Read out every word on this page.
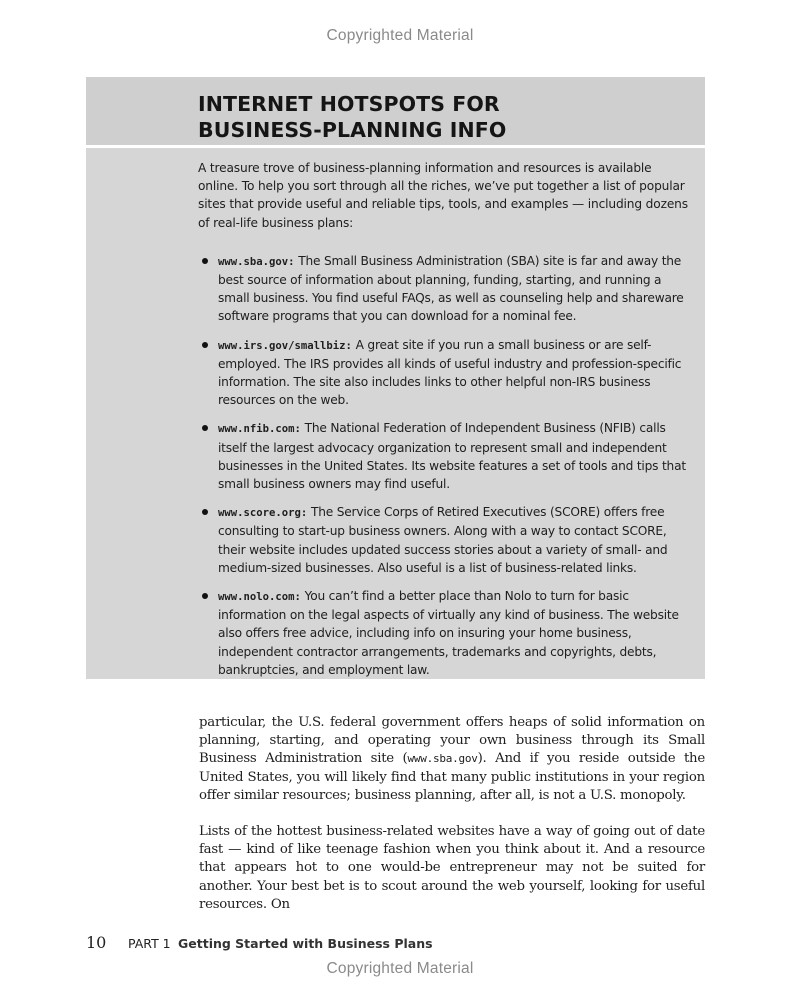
Copyrighted Material
INTERNET HOTSPOTS FOR
BUSINESS-PLANNING INFO

A treasure trove of business-planning information and resources is available online. To help you sort through all the riches, we’ve put together a list of popular sites that provide useful and reliable tips, tools, and examples — including dozens of real-life business plans:

www.sba.gov: The Small Business Administration (SBA) site is far and away the best source of information about planning, funding, starting, and running a small business. You find useful FAQs, as well as counseling help and shareware software programs that you can download for a nominal fee.
www.irs.gov/smallbiz: A great site if you run a small business or are self-employed. The IRS provides all kinds of useful industry and profession-specific information. The site also includes links to other helpful non-IRS business resources on the web.
www.nfib.com: The National Federation of Independent Business (NFIB) calls itself the largest advocacy organization to represent small and independent businesses in the United States. Its website features a set of tools and tips that small business owners may find useful.
www.score.org: The Service Corps of Retired Executives (SCORE) offers free consulting to start-up business owners. Along with a way to contact SCORE, their website includes updated success stories about a variety of small- and medium-sized businesses. Also useful is a list of business-related links.
www.nolo.com: You can’t find a better place than Nolo to turn for basic information on the legal aspects of virtually any kind of business. The website also offers free advice, including info on insuring your home business, independent contractor arrangements, trademarks and copyrights, debts, bankruptcies, and employment law.

particular, the U.S. federal government offers heaps of solid information on planning, starting, and operating your own business through its Small Business Administration site (www.sba.gov). And if you reside outside the United States, you will likely find that many public institutions in your region offer similar resources; business planning, after all, is not a U.S. monopoly.

Lists of the hottest business-related websites have a way of going out of date fast — kind of like teenage fashion when you think about it. And a resource that appears hot to one would-be entrepreneur may not be suited for another. Your best bet is to scout around the web yourself, looking for useful resources. On

10 PART 1 Getting Started with Business Plans
Copyrighted Material
